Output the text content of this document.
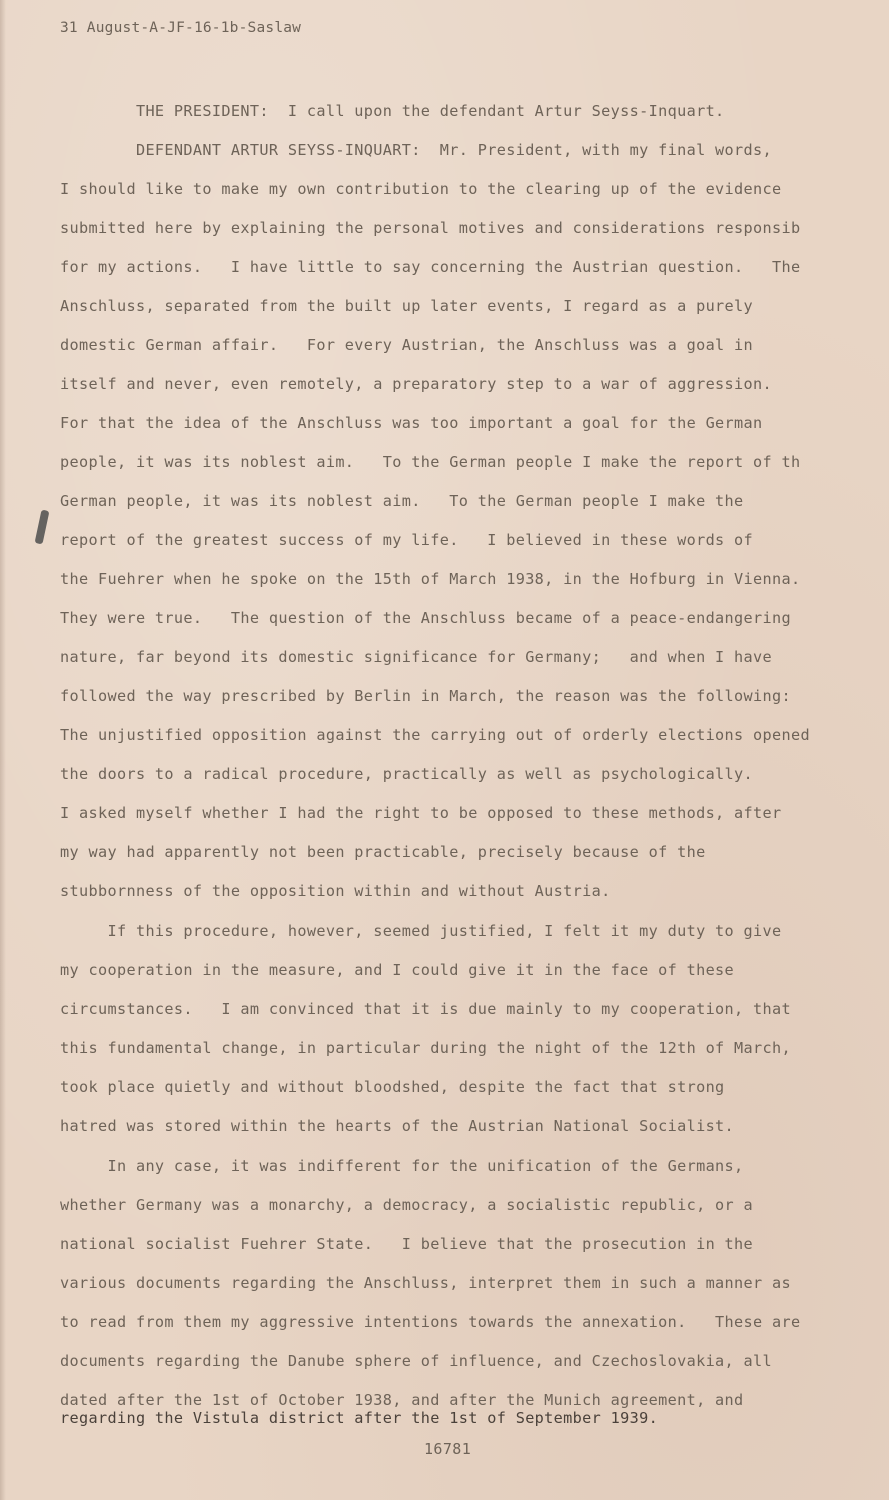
31 August-A-JF-16-1b-Saslaw
THE PRESIDENT:  I call upon the defendant Artur Seyss-Inquart.
DEFENDANT ARTUR SEYSS-INQUART:  Mr. President, with my final words,
I should like to make my own contribution to the clearing up of the evidence
submitted here by explaining the personal motives and considerations responsib
for my actions.   I have little to say concerning the Austrian question.   The
Anschluss, separated from the built up later events, I regard as a purely
domestic German affair.   For every Austrian, the Anschluss was a goal in
itself and never, even remotely, a preparatory step to a war of aggression.
For that the idea of the Anschluss was too important a goal for the German
people, it was its noblest aim.   To the German people I make the report of th
German people, it was its noblest aim.   To the German people I make the
report of the greatest success of my life.   I believed in these words of
the Fuehrer when he spoke on the 15th of March 1938, in the Hofburg in Vienna.
They were true.   The question of the Anschluss became of a peace-endangering
nature, far beyond its domestic significance for Germany;   and when I have
followed the way prescribed by Berlin in March, the reason was the following:
The unjustified opposition against the carrying out of orderly elections opened
the doors to a radical procedure, practically as well as psychologically.
I asked myself whether I had the right to be opposed to these methods, after
my way had apparently not been practicable, precisely because of the
stubbornness of the opposition within and without Austria.
If this procedure, however, seemed justified, I felt it my duty to give
my cooperation in the measure, and I could give it in the face of these
circumstances.   I am convinced that it is due mainly to my cooperation, that
this fundamental change, in particular during the night of the 12th of March,
took place quietly and without bloodshed, despite the fact that strong
hatred was stored within the hearts of the Austrian National Socialist.
In any case, it was indifferent for the unification of the Germans,
whether Germany was a monarchy, a democracy, a socialistic republic, or a
national socialist Fuehrer State.   I believe that the prosecution in the
various documents regarding the Anschluss, interpret them in such a manner as
to read from them my aggressive intentions towards the annexation.   These are
documents regarding the Danube sphere of influence, and Czechoslovakia, all
dated after the 1st of October 1938, and after the Munich agreement, and
regarding the Vistula district after the 1st of September 1939.
16781
